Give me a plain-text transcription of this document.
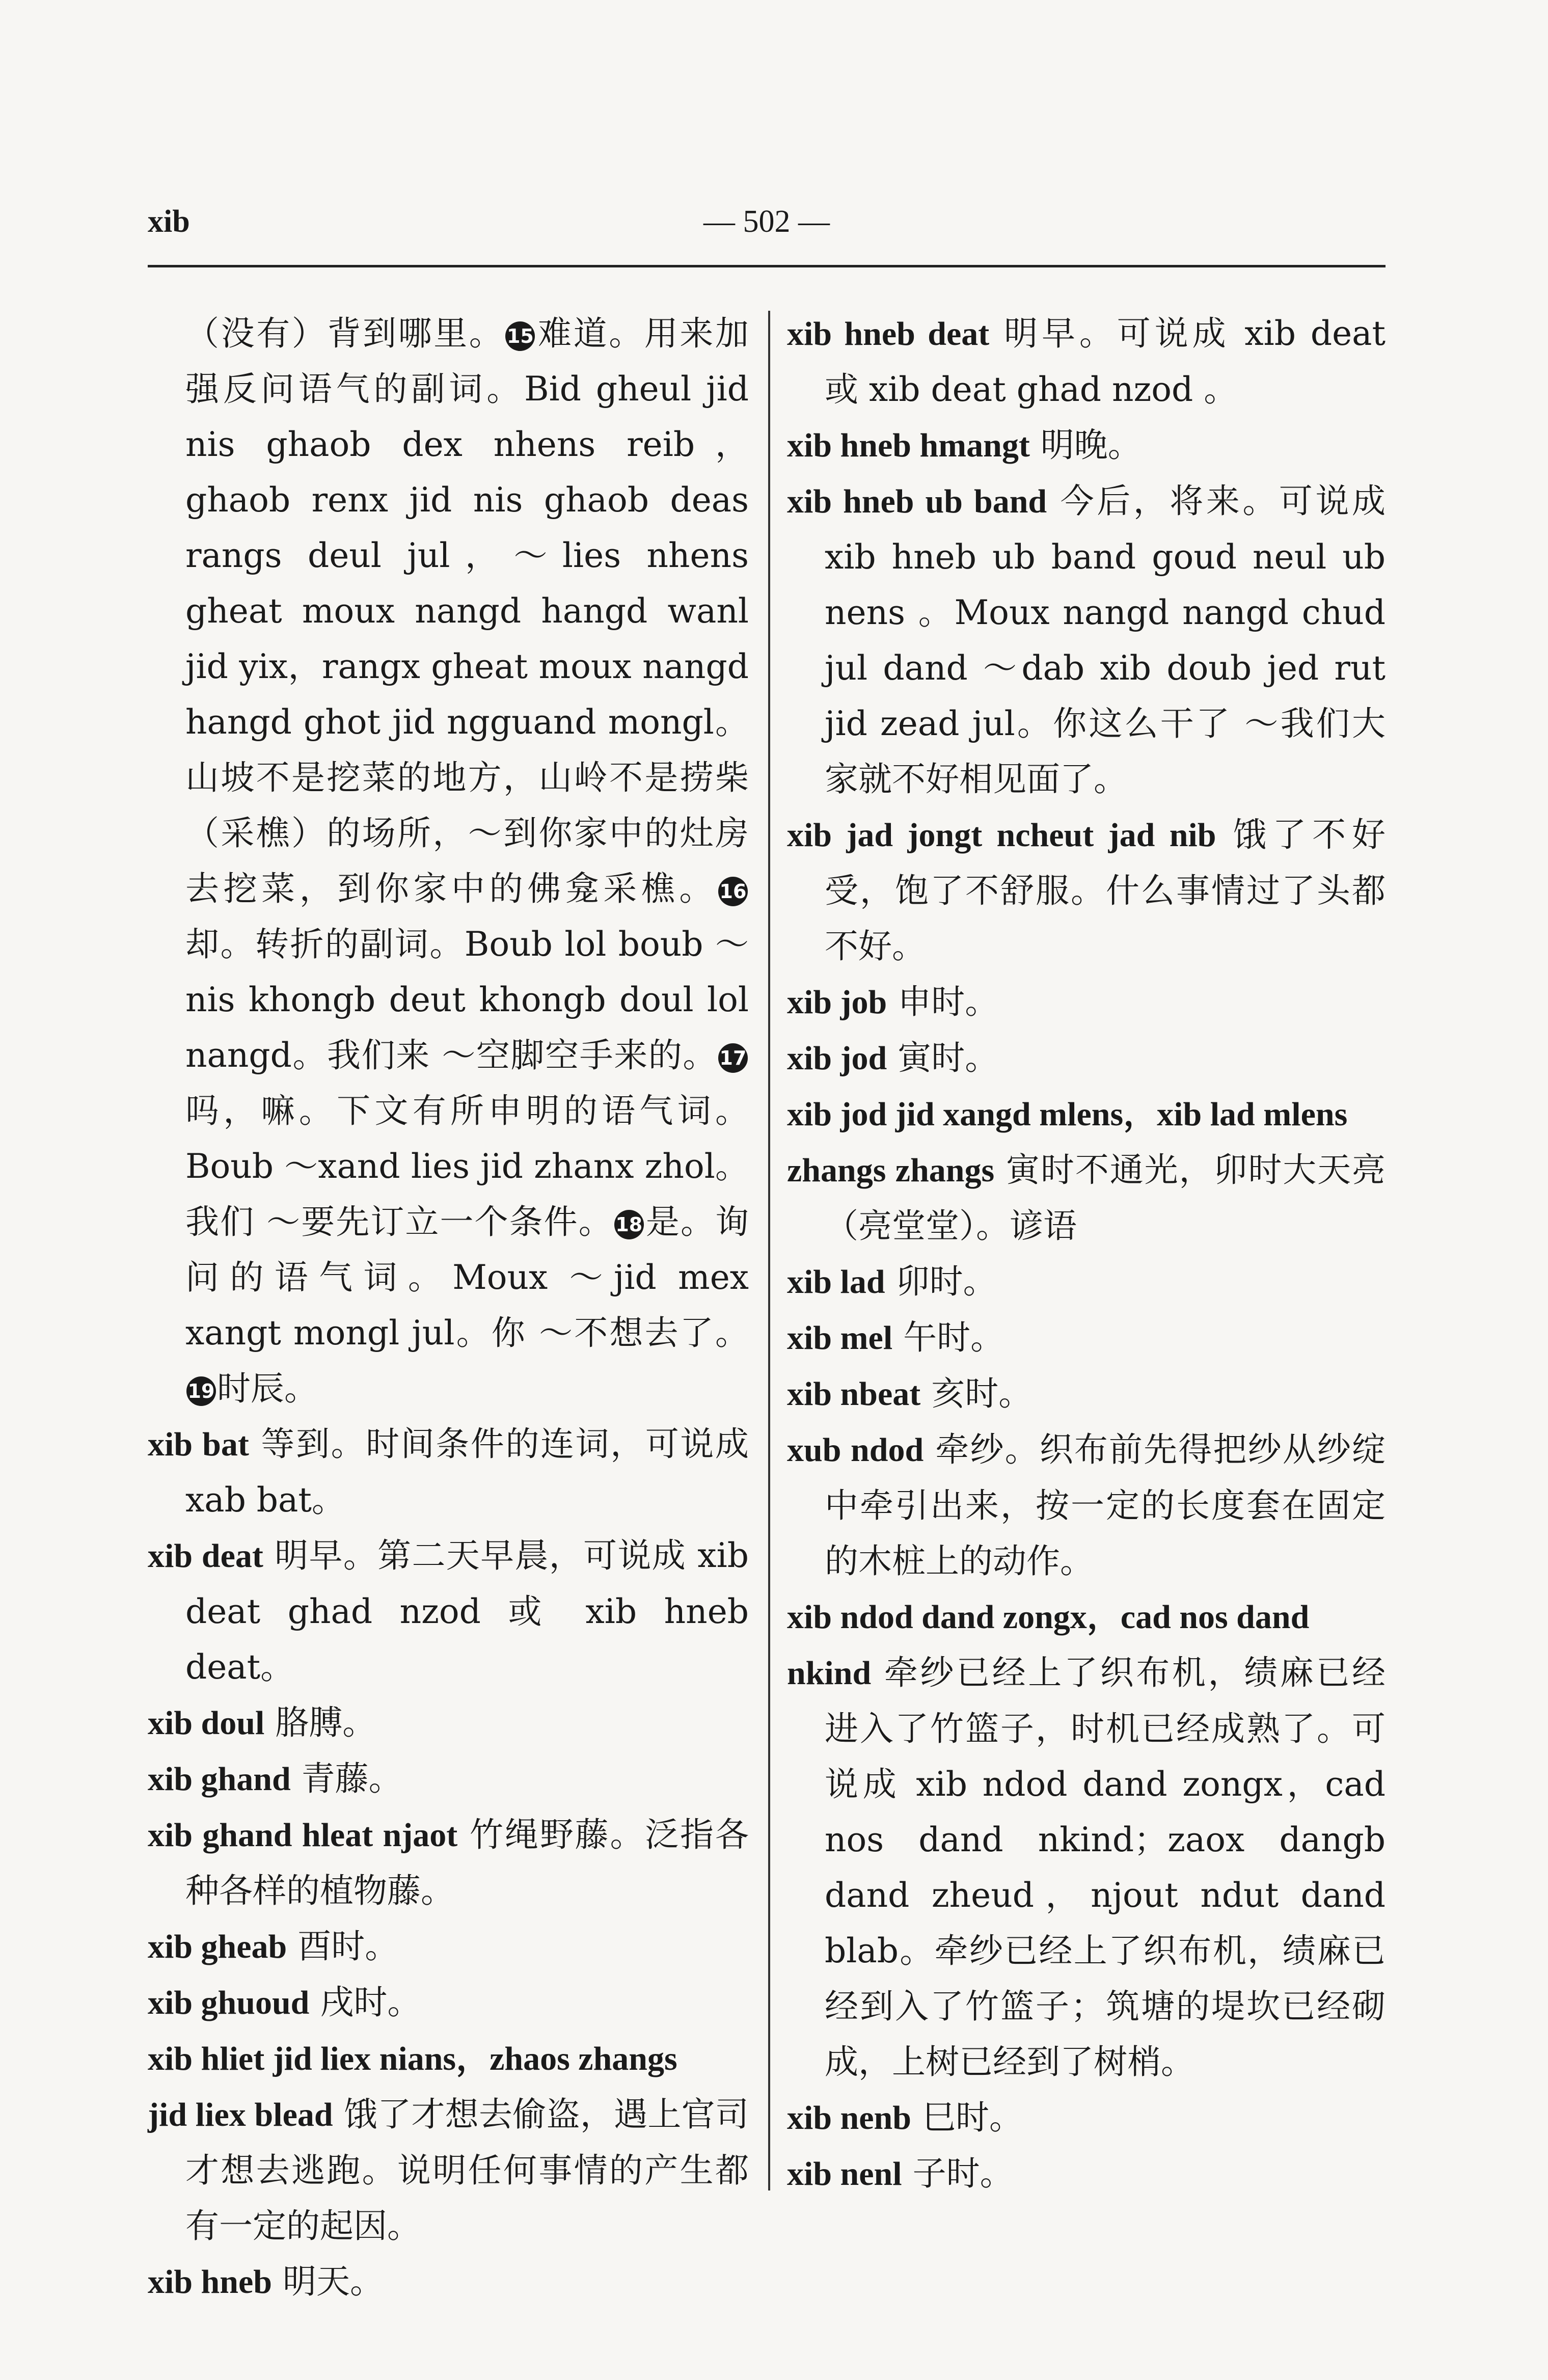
xib	— 502 —

（没有）背到哪里。 15难道。用来加强反问语气的副词。Bid gheul jid nis ghaob dex nhens reib，ghaob renx jid nis ghaob deas rangs deul jul，～lies nhens gheat moux nangd hangd wanl jid yix，rangx gheat moux nangd hangd ghot jid ngguand mongl。山坡不是挖菜的地方，山岭不是捞柴（采樵）的场所，～到你家中的灶房去挖菜，到你家中的佛龛采樵。 16却。转折的副词。Boub lol boub ～ nis khongb deut khongb doul lol nangd。我们来 ～空脚空手来的。 17吗，嘛。下文有所申明的语气词。Boub ～xand lies jid zhanx zhol。我们 ～要先订立一个条件。 18是。询问的语气词。Moux ～jid mex xangt mongl jul。你 ～不想去了。19时辰。

xib bat 等到。时间条件的连词，可说成 xab bat。

xib deat 明早。第二天早晨，可说成 xib deat ghad nzod 或 xib hneb deat。

xib doul 胳膊。

xib ghand 青藤。

xib ghand hleat njaot 竹绳野藤。泛指各种各样的植物藤。

xib gheab 酉时。

xib ghuoud 戌时。

xib hliet jid liex nians，zhaos zhangs

jid liex blead 饿了才想去偷盗，遇上官司才想去逃跑。说明任何事情的产生都有一定的起因。

xib hneb 明天。

xib hneb deat 明早。可说成 xib deat 或 xib deat ghad nzod 。

xib hneb hmangt 明晚。

xib hneb ub band 今后，将来。可说成 xib hneb ub band goud neul ub nens 。Moux nangd nangd chud jul dand ～dab xib doub jed rut jid zead jul。你这么干了 ～我们大家就不好相见面了。

xib jad jongt ncheut jad nib 饿了不好受，饱了不舒服。什么事情过了头都不好。

xib job 申时。

xib jod 寅时。

xib jod jid xangd mlens，xib lad mlens

zhangs zhangs 寅时不通光，卯时大天亮（亮堂堂）。谚语

xib lad 卯时。

xib mel 午时。

xib nbeat 亥时。

xub ndod 牵纱。织布前先得把纱从纱绽中牵引出来，按一定的长度套在固定的木桩上的动作。

xib ndod dand zongx，cad nos dand

nkind 牵纱已经上了织布机，绩麻已经进入了竹篮子，时机已经成熟了。可说成 xib ndod dand zongx，cad nos dand nkind；zaox dangb dand zheud，njout ndut dand blab。牵纱已经上了织布机，绩麻已经到入了竹篮子；筑塘的堤坎已经砌成，上树已经到了树梢。

xib nenb 巳时。

xib nenl 子时。
